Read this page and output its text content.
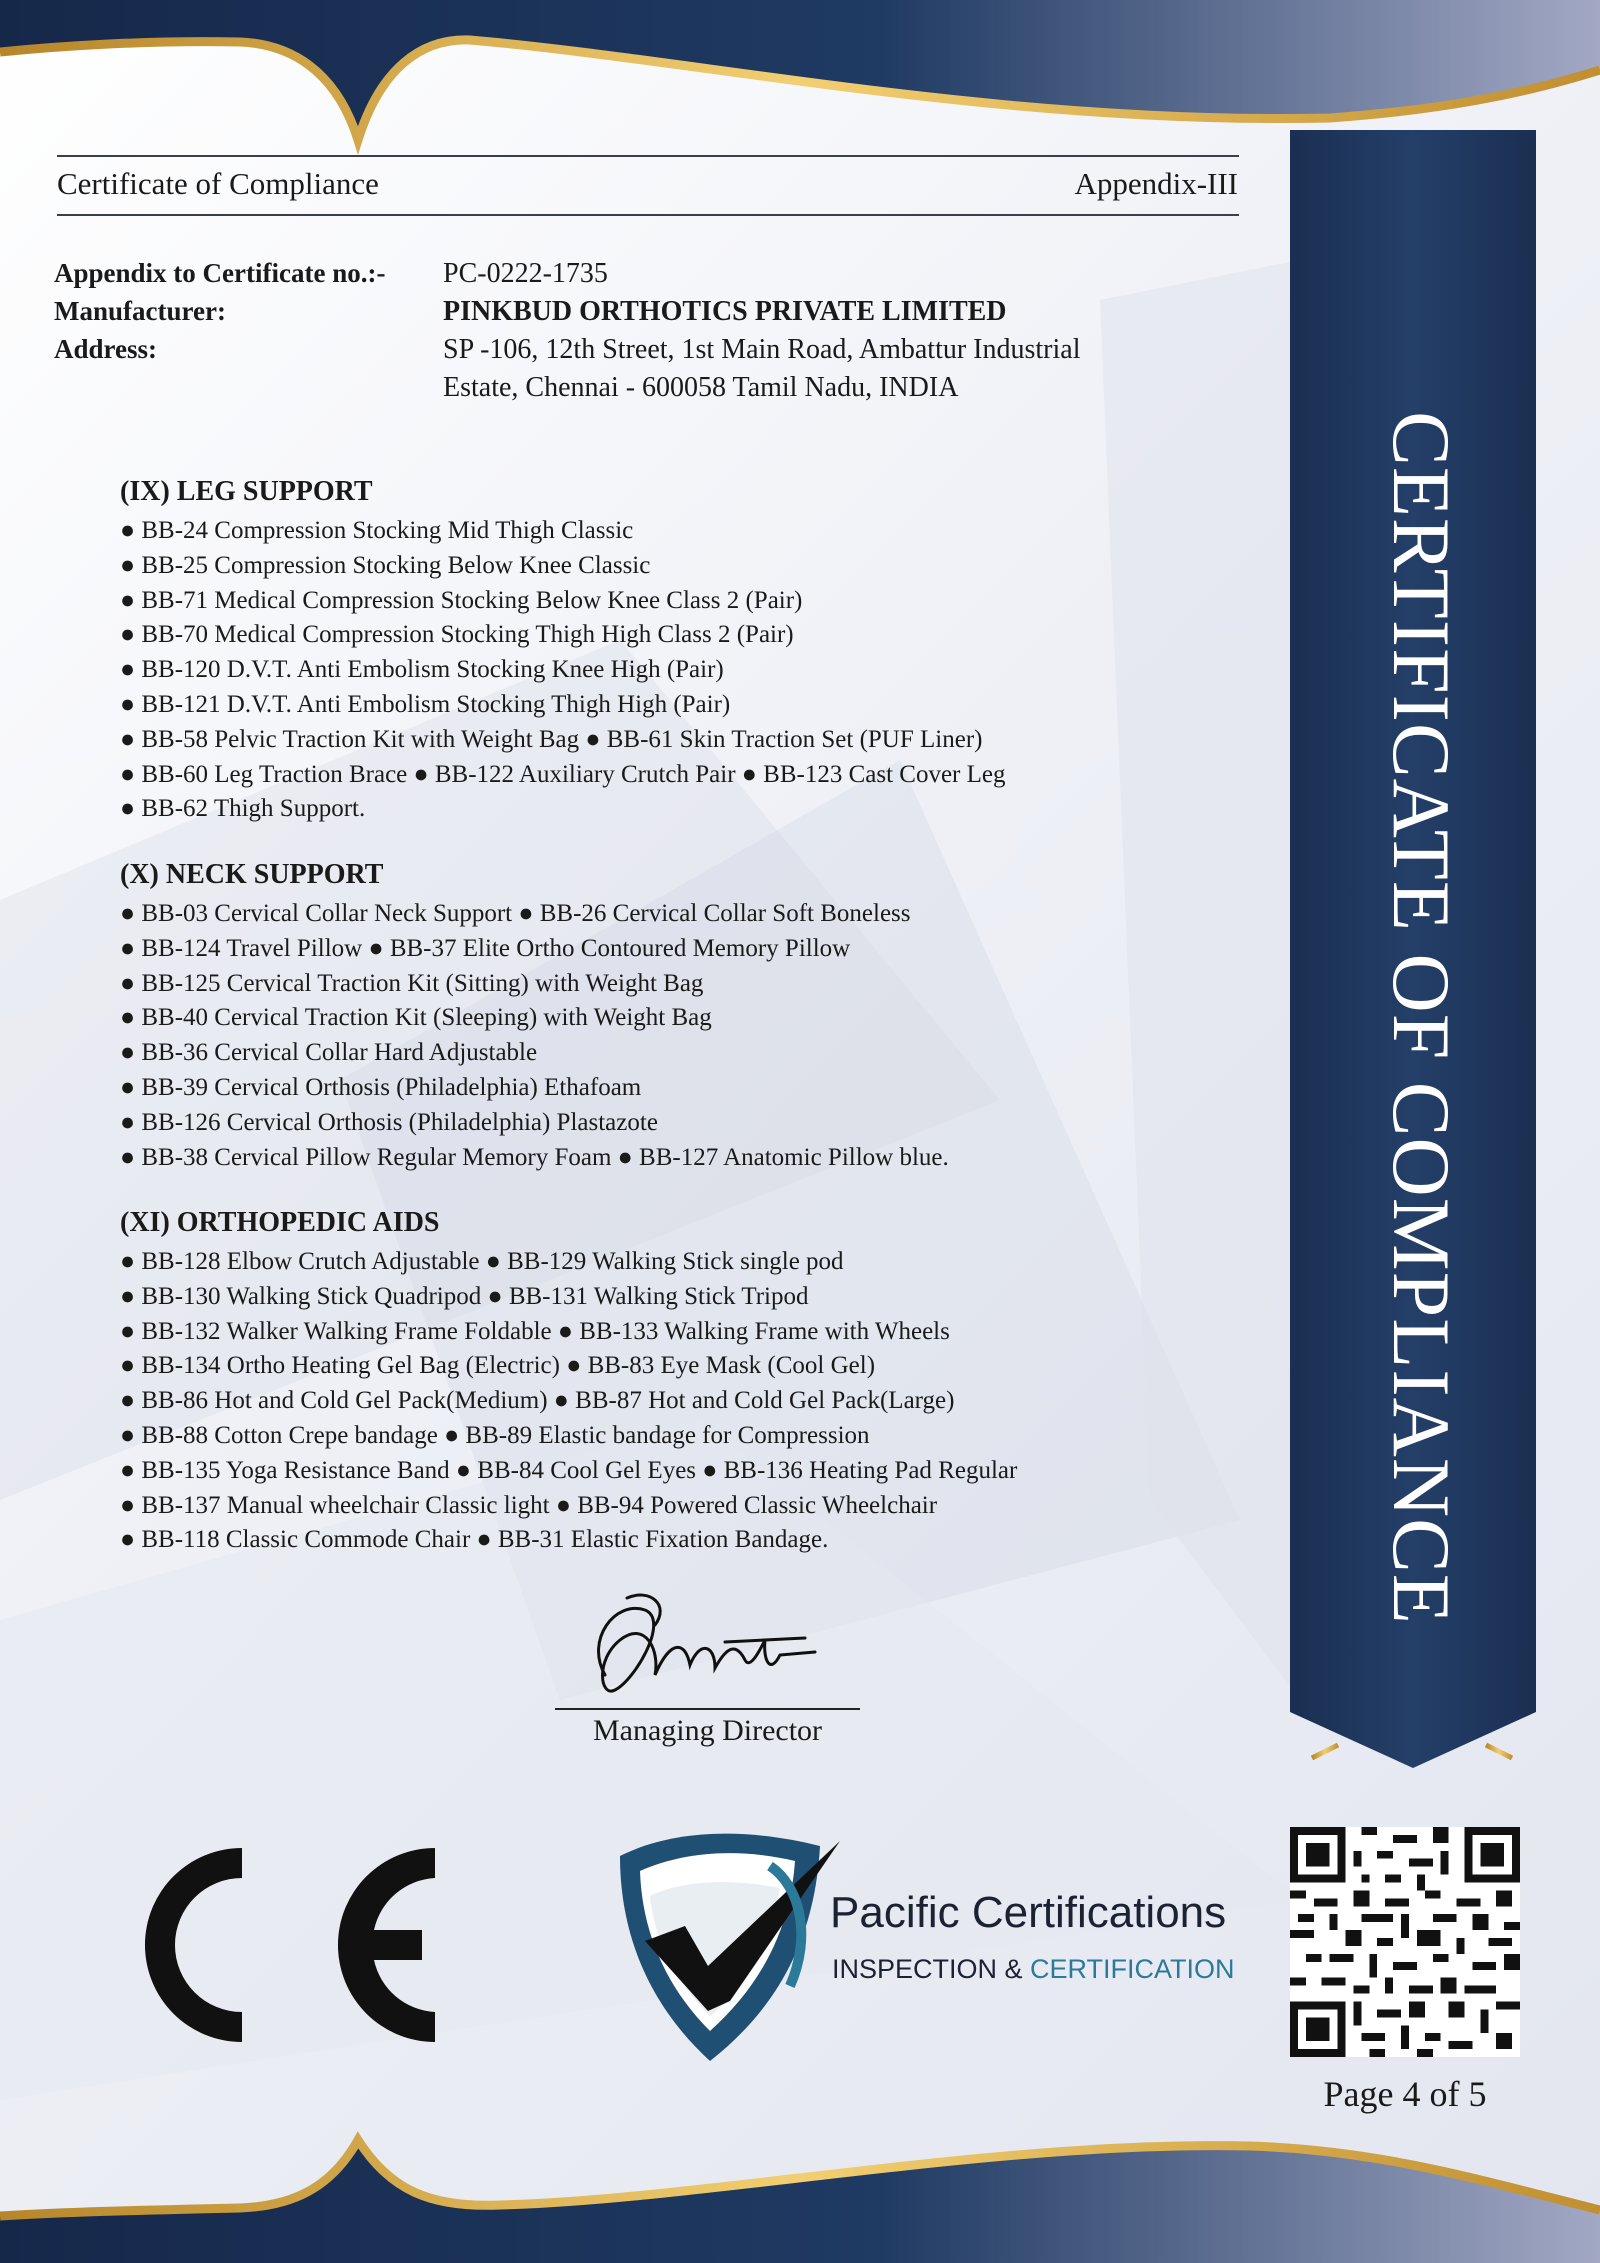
Certificate of Compliance	Appendix-III
Appendix to Certificate no.:- PC-0222-1735
Manufacturer:	PINKBUD ORTHOTICS PRIVATE LIMITED
Address:	SP -106, 12th Street, 1st Main Road, Ambattur Industrial
Estate, Chennai - 600058 Tamil Nadu, INDIA
(IX) LEG SUPPORT
● BB-24 Compression Stocking Mid Thigh Classic
● BB-25 Compression Stocking Below Knee Classic
● BB-71 Medical Compression Stocking Below Knee Class 2 (Pair)
● BB-70 Medical Compression Stocking Thigh High Class 2 (Pair)
● BB-120 D.V.T. Anti Embolism Stocking Knee High (Pair)
● BB-121 D.V.T. Anti Embolism Stocking Thigh High (Pair)
● BB-58 Pelvic Traction Kit with Weight Bag ● BB-61 Skin Traction Set (PUF Liner)
● BB-60 Leg Traction Brace ● BB-122 Auxiliary Crutch Pair ● BB-123 Cast Cover Leg
● BB-62 Thigh Support.
(X) NECK SUPPORT
● BB-03 Cervical Collar Neck Support ● BB-26 Cervical Collar Soft Boneless
● BB-124 Travel Pillow ● BB-37 Elite Ortho Contoured Memory Pillow
● BB-125 Cervical Traction Kit (Sitting) with Weight Bag
● BB-40 Cervical Traction Kit (Sleeping) with Weight Bag
● BB-36 Cervical Collar Hard Adjustable
● BB-39 Cervical Orthosis (Philadelphia) Ethafoam
● BB-126 Cervical Orthosis (Philadelphia) Plastazote
● BB-38 Cervical Pillow Regular Memory Foam ● BB-127 Anatomic Pillow blue.
(XI) ORTHOPEDIC AIDS
● BB-128 Elbow Crutch Adjustable ● BB-129 Walking Stick single pod
● BB-130 Walking Stick Quadripod ● BB-131 Walking Stick Tripod
● BB-132 Walker Walking Frame Foldable ● BB-133 Walking Frame with Wheels
● BB-134 Ortho Heating Gel Bag (Electric) ● BB-83 Eye Mask (Cool Gel)
● BB-86 Hot and Cold Gel Pack(Medium) ● BB-87 Hot and Cold Gel Pack(Large)
● BB-88 Cotton Crepe bandage ● BB-89 Elastic bandage for Compression
● BB-135 Yoga Resistance Band ● BB-84 Cool Gel Eyes ● BB-136 Heating Pad Regular
● BB-137 Manual wheelchair Classic light ● BB-94 Powered Classic Wheelchair
● BB-118 Classic Commode Chair ● BB-31 Elastic Fixation Bandage.
Managing Director
CERTIFICATE OF COMPLIANCE
Pacific Certifications
INSPECTION & CERTIFICATION
Page 4 of 5
